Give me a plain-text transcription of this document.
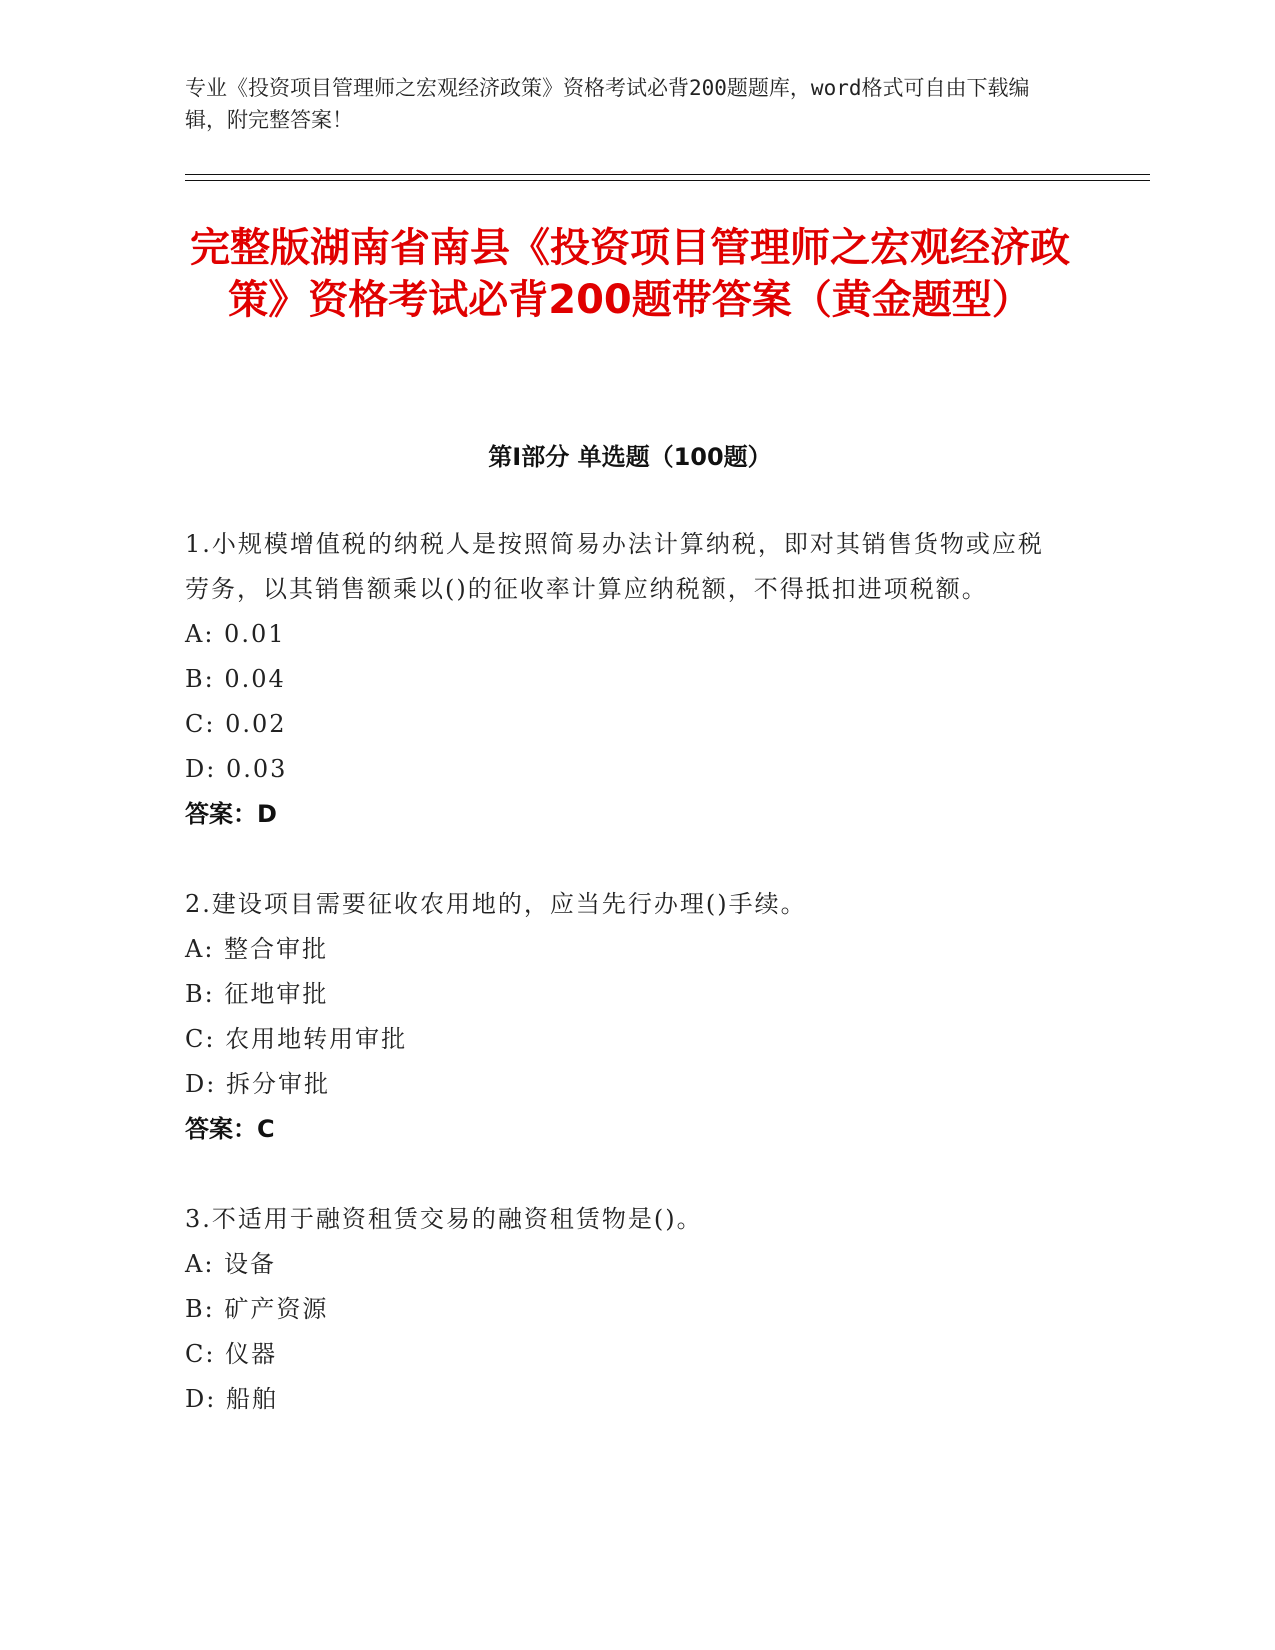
专业《投资项目管理师之宏观经济政策》资格考试必背200题题库，word格式可自由下载编辑，附完整答案！
完整版湖南省南县《投资项目管理师之宏观经济政策》资格考试必背200题带答案（黄金题型）
第I部分 单选题（100题）
1.小规模增值税的纳税人是按照简易办法计算纳税，即对其销售货物或应税劳务，以其销售额乘以()的征收率计算应纳税额，不得抵扣进项税额。
A: 0.01
B: 0.04
C: 0.02
D: 0.03
答案：D
2.建设项目需要征收农用地的，应当先行办理()手续。
A: 整合审批
B: 征地审批
C: 农用地转用审批
D: 拆分审批
答案：C
3.不适用于融资租赁交易的融资租赁物是()。
A: 设备
B: 矿产资源
C: 仪器
D: 船舶
